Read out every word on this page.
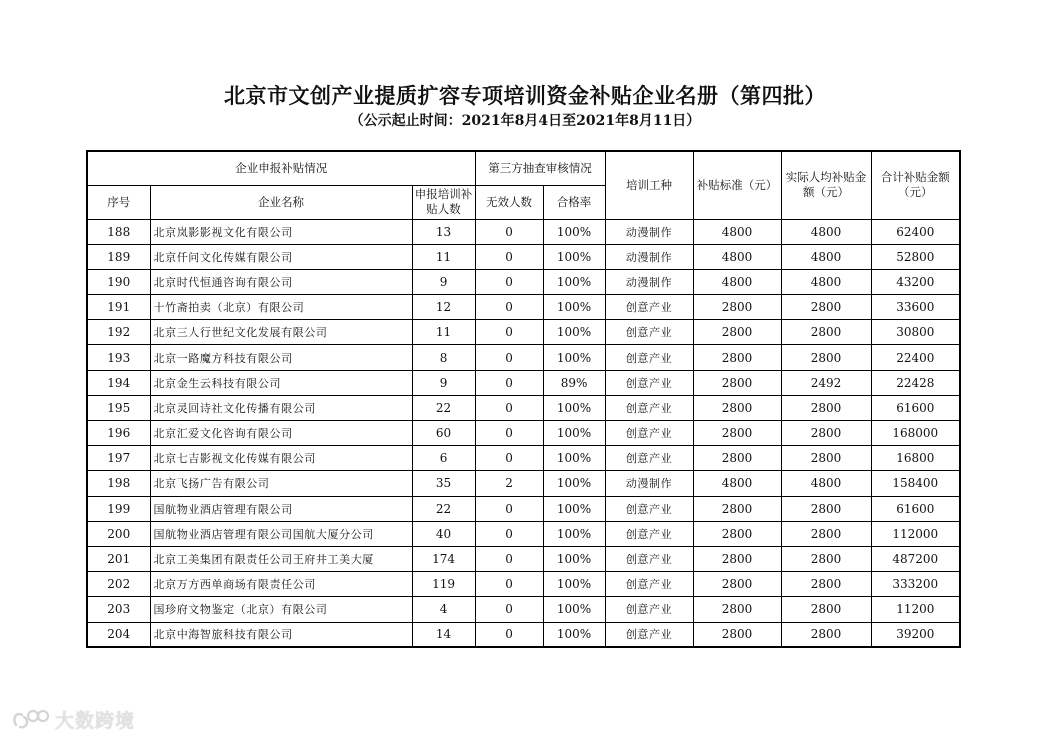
北京市文创产业提质扩容专项培训资金补贴企业名册（第四批）
（公示起止时间：2021年8月4日至2021年8月11日）
企业申报补贴情况			第三方抽查审核情况		培训工种	补贴标准（元）	实际人均补贴金额（元）	合计补贴金额（元）
序号	企业名称	申报培训补贴人数	无效人数	合格率				
188	北京岚影影视文化有限公司	13	0	100%	动漫制作	4800	4800	62400
189	北京仟问文化传媒有限公司	11	0	100%	动漫制作	4800	4800	52800
190	北京时代恒通咨询有限公司	9	0	100%	动漫制作	4800	4800	43200
191	十竹斋拍卖（北京）有限公司	12	0	100%	创意产业	2800	2800	33600
192	北京三人行世纪文化发展有限公司	11	0	100%	创意产业	2800	2800	30800
193	北京一路魔方科技有限公司	8	0	100%	创意产业	2800	2800	22400
194	北京金生云科技有限公司	9	0	89%	创意产业	2800	2492	22428
195	北京灵回诗社文化传播有限公司	22	0	100%	创意产业	2800	2800	61600
196	北京汇爱文化咨询有限公司	60	0	100%	创意产业	2800	2800	168000
197	北京七吉影视文化传媒有限公司	6	0	100%	创意产业	2800	2800	16800
198	北京飞扬广告有限公司	35	2	100%	动漫制作	4800	4800	158400
199	国航物业酒店管理有限公司	22	0	100%	创意产业	2800	2800	61600
200	国航物业酒店管理有限公司国航大厦分公司	40	0	100%	创意产业	2800	2800	112000
201	北京工美集团有限责任公司王府井工美大厦	174	0	100%	创意产业	2800	2800	487200
202	北京万方西单商场有限责任公司	119	0	100%	创意产业	2800	2800	333200
203	国珍府文物鉴定（北京）有限公司	4	0	100%	创意产业	2800	2800	11200
204	北京中海智旅科技有限公司	14	0	100%	创意产业	2800	2800	39200
大数跨境
